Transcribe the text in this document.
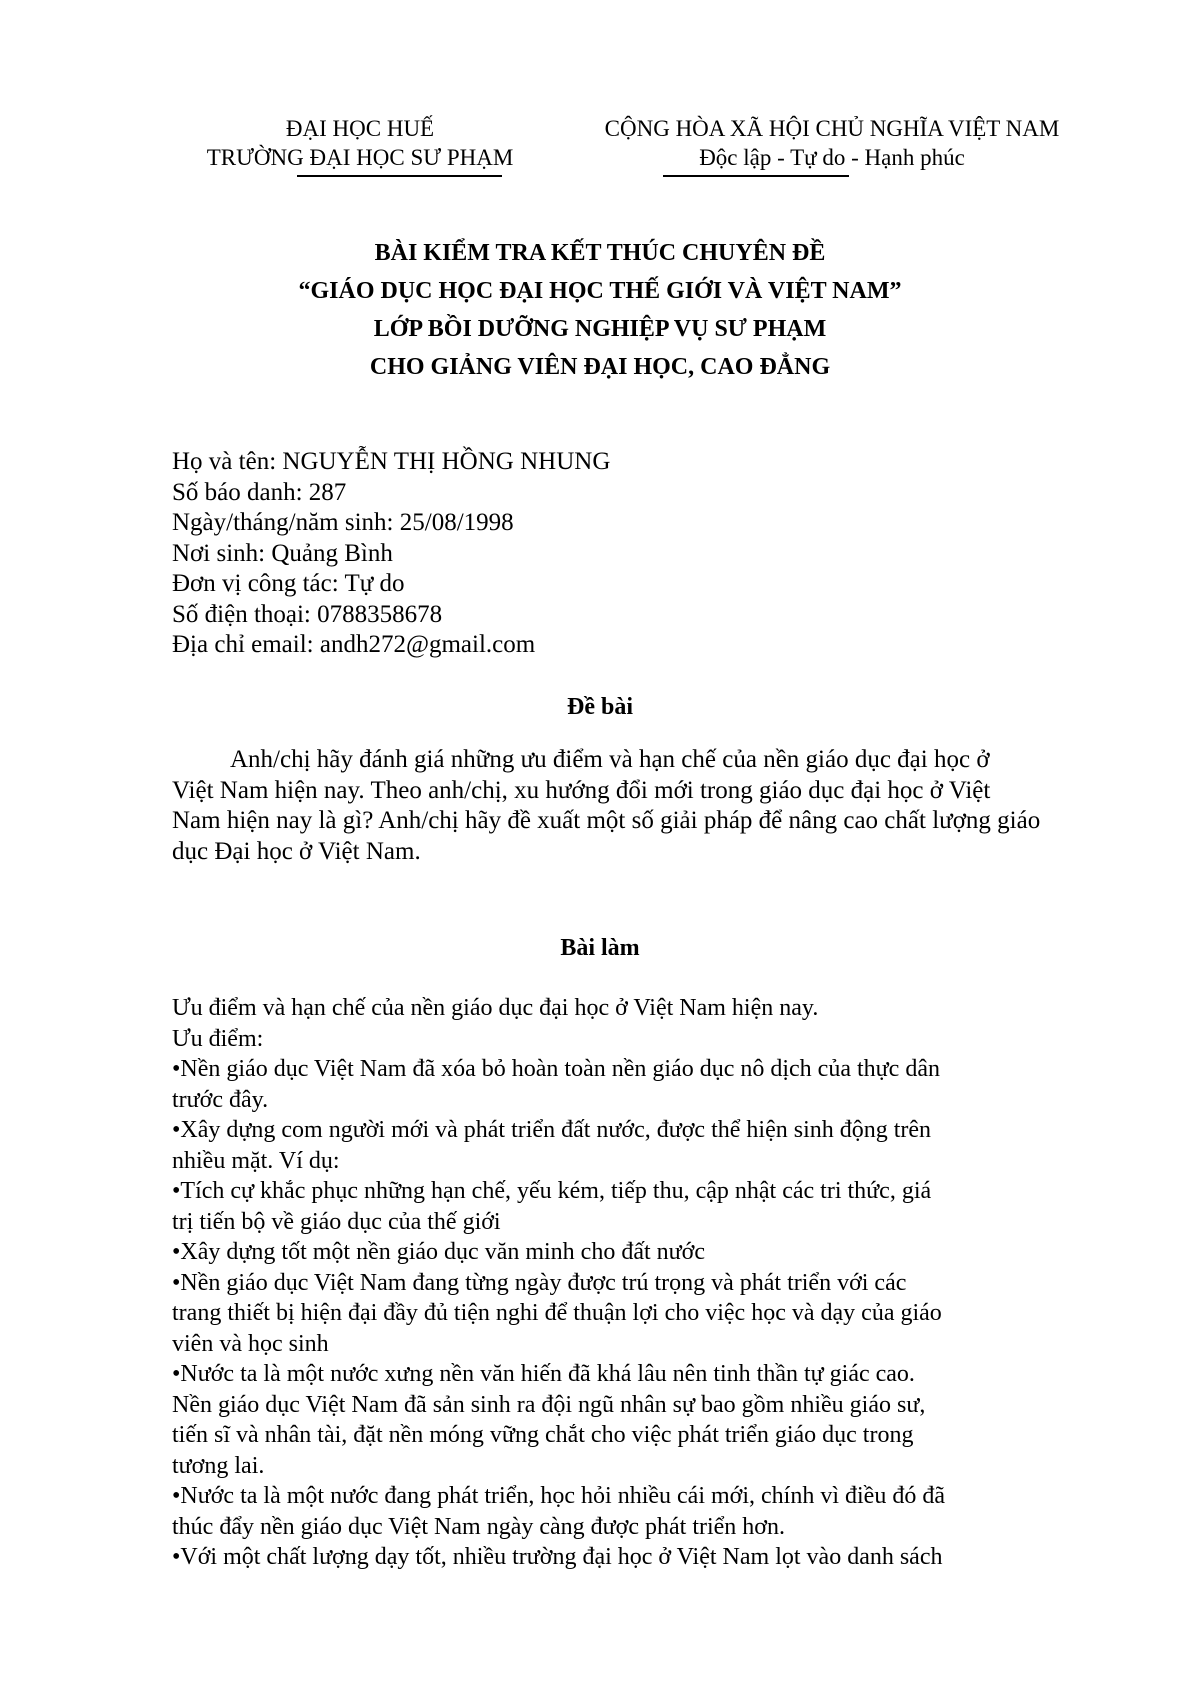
ĐẠI HỌC HUẾ
TRƯỜNG ĐẠI HỌC SƯ PHẠM
CỘNG HÒA XÃ HỘI CHỦ NGHĨA VIỆT NAM
Độc lập - Tự do - Hạnh phúc
BÀI KIỂM TRA KẾT THÚC CHUYÊN ĐỀ
“GIÁO DỤC HỌC ĐẠI HỌC THẾ GIỚI VÀ VIỆT NAM”
LỚP BỒI DƯỠNG NGHIỆP VỤ SƯ PHẠM
CHO GIẢNG VIÊN ĐẠI HỌC, CAO ĐẲNG
Họ và tên: NGUYỄN THỊ HỒNG NHUNG
Số báo danh: 287
Ngày/tháng/năm sinh: 25/08/1998
Nơi sinh: Quảng Bình
Đơn vị công tác: Tự do
Số điện thoại: 0788358678
Địa chỉ email: andh272@gmail.com
Đề bài
Anh/chị hãy đánh giá những ưu điểm và hạn chế của nền giáo dục đại học ở
Việt Nam hiện nay. Theo anh/chị, xu hướng đổi mới trong giáo dục đại học ở Việt
Nam hiện nay là gì? Anh/chị hãy đề xuất một số giải pháp để nâng cao chất lượng giáo
dục Đại học ở Việt Nam.
Bài làm
Ưu điểm và hạn chế của nền giáo dục đại học ở Việt Nam hiện nay.
Ưu điểm:
•Nền giáo dục Việt Nam đã xóa bỏ hoàn toàn nền giáo dục nô dịch của thực dân
trước đây.
•Xây dựng com người mới và phát triển đất nước, được thể hiện sinh động trên
nhiều mặt. Ví dụ:
•Tích cự khắc phục những hạn chế, yếu kém, tiếp thu, cập nhật các tri thức, giá
trị tiến bộ về giáo dục của thế giới
•Xây dựng tốt một nền giáo dục văn minh cho đất nước
•Nền giáo dục Việt Nam đang từng ngày được trú trọng và phát triển với các
trang thiết bị hiện đại đầy đủ tiện nghi để thuận lợi cho việc học và dạy của giáo
viên và học sinh
•Nước ta là một nước xưng nền văn hiến đã khá lâu nên tinh thần tự giác cao.
Nền giáo dục Việt Nam đã sản sinh ra đội ngũ nhân sự bao gồm nhiều giáo sư,
tiến sĩ và nhân tài, đặt nền móng vững chắt cho việc phát triển giáo dục trong
tương lai.
•Nước ta là một nước đang phát triển, học hỏi nhiều cái mới, chính vì điều đó đã
thúc đẩy nền giáo dục Việt Nam ngày càng được phát triển hơn.
•Với một chất lượng dạy tốt, nhiều trường đại học ở Việt Nam lọt vào danh sách
